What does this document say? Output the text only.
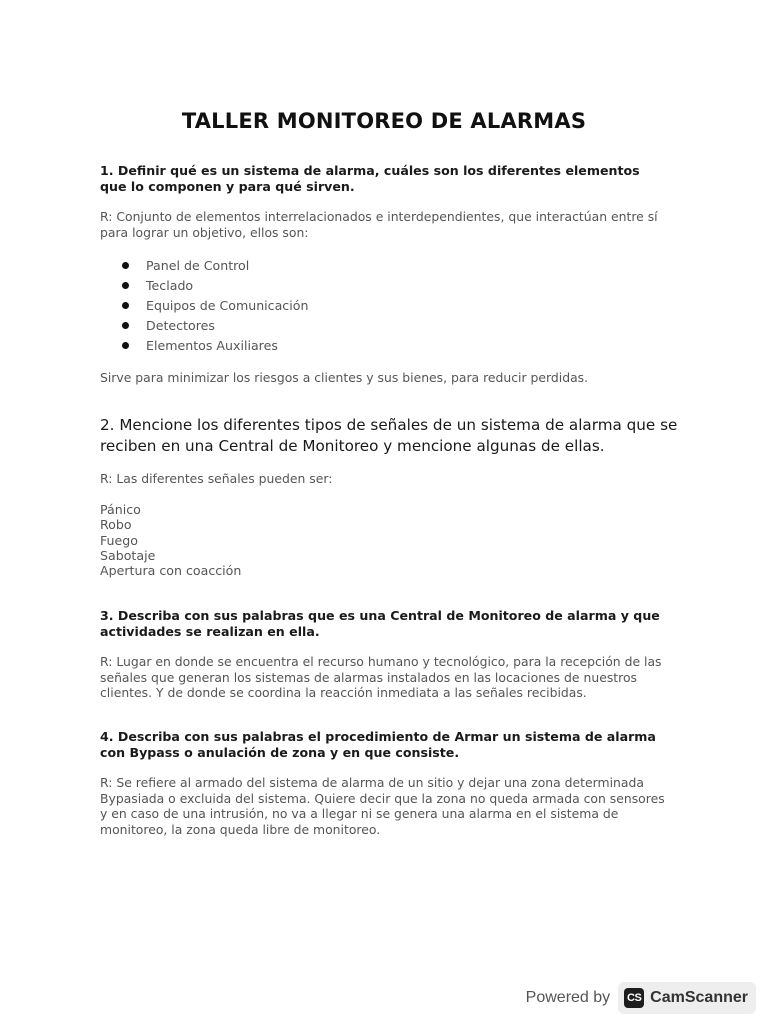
TALLER MONITOREO DE ALARMAS
1. Definir qué es un sistema de alarma, cuáles son los diferentes elementos que lo componen y para qué sirven.
R: Conjunto de elementos interrelacionados e interdependientes, que interactúan entre sí para lograr un objetivo, ellos son:
Panel de Control
Teclado
Equipos de Comunicación
Detectores
Elementos Auxiliares
Sirve para minimizar los riesgos a clientes y sus bienes, para reducir perdidas.
2. Mencione los diferentes tipos de señales de un sistema de alarma que se reciben en una Central de Monitoreo y mencione algunas de ellas.
R: Las diferentes señales pueden ser:
Pánico
Robo
Fuego
Sabotaje
Apertura con coacción
3. Describa con sus palabras que es una Central de Monitoreo de alarma y que actividades se realizan en ella.
R: Lugar en donde se encuentra el recurso humano y tecnológico, para la recepción de las señales que generan los sistemas de alarmas instalados en las locaciones de nuestros clientes. Y de donde se coordina la reacción inmediata a las señales recibidas.
4. Describa con sus palabras el procedimiento de Armar un sistema de alarma con Bypass o anulación de zona y en que consiste.
R: Se refiere al armado del sistema de alarma de un sitio y dejar una zona determinada Bypasiada o excluida del sistema. Quiere decir que la zona no queda armada con sensores y en caso de una intrusión, no va a llegar ni se genera una alarma en el sistema de monitoreo, la zona queda libre de monitoreo.
Powered by CS CamScanner
